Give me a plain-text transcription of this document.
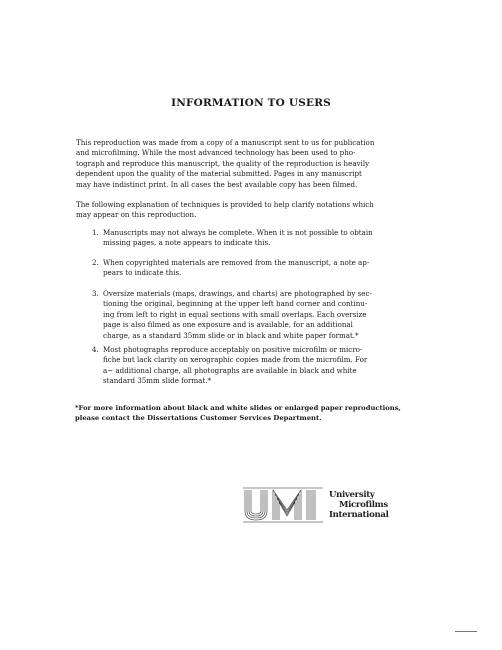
INFORMATION TO USERS
This reproduction was made from a copy of a manuscript sent to us for publication
and microfilming. While the most advanced technology has been used to pho-
tograph and reproduce this manuscript, the quality of the reproduction is heavily
dependent upon the quality of the material submitted. Pages in any manuscript
may have indistinct print. In all cases the best available copy has been filmed.
The following explanation of techniques is provided to help clarify notations which
may appear on this reproduction.
1. Manuscripts may not always be complete. When it is not possible to obtain
missing pages, a note appears to indicate this.
2. When copyrighted materials are removed from the manuscript, a note ap-
pears to indicate this.
3. Oversize materials (maps, drawings, and charts) are photographed by sec-
tioning the original, beginning at the upper left hand corner and continu-
ing from left to right in equal sections with small overlaps. Each oversize
page is also filmed as one exposure and is available, for an additional
charge, as a standard 35mm slide or in black and white paper format.*
4. Most photographs reproduce acceptably on positive microfilm or micro-
fiche but lack clarity on xerographic copies made from the microfilm. For
a~ additional charge, all photographs are available in black and white
standard 35mm slide format.*
*For more information about black and white slides or enlarged paper reproductions,
please contact the Dissertations Customer Services Department.
University
Microfilms
International
